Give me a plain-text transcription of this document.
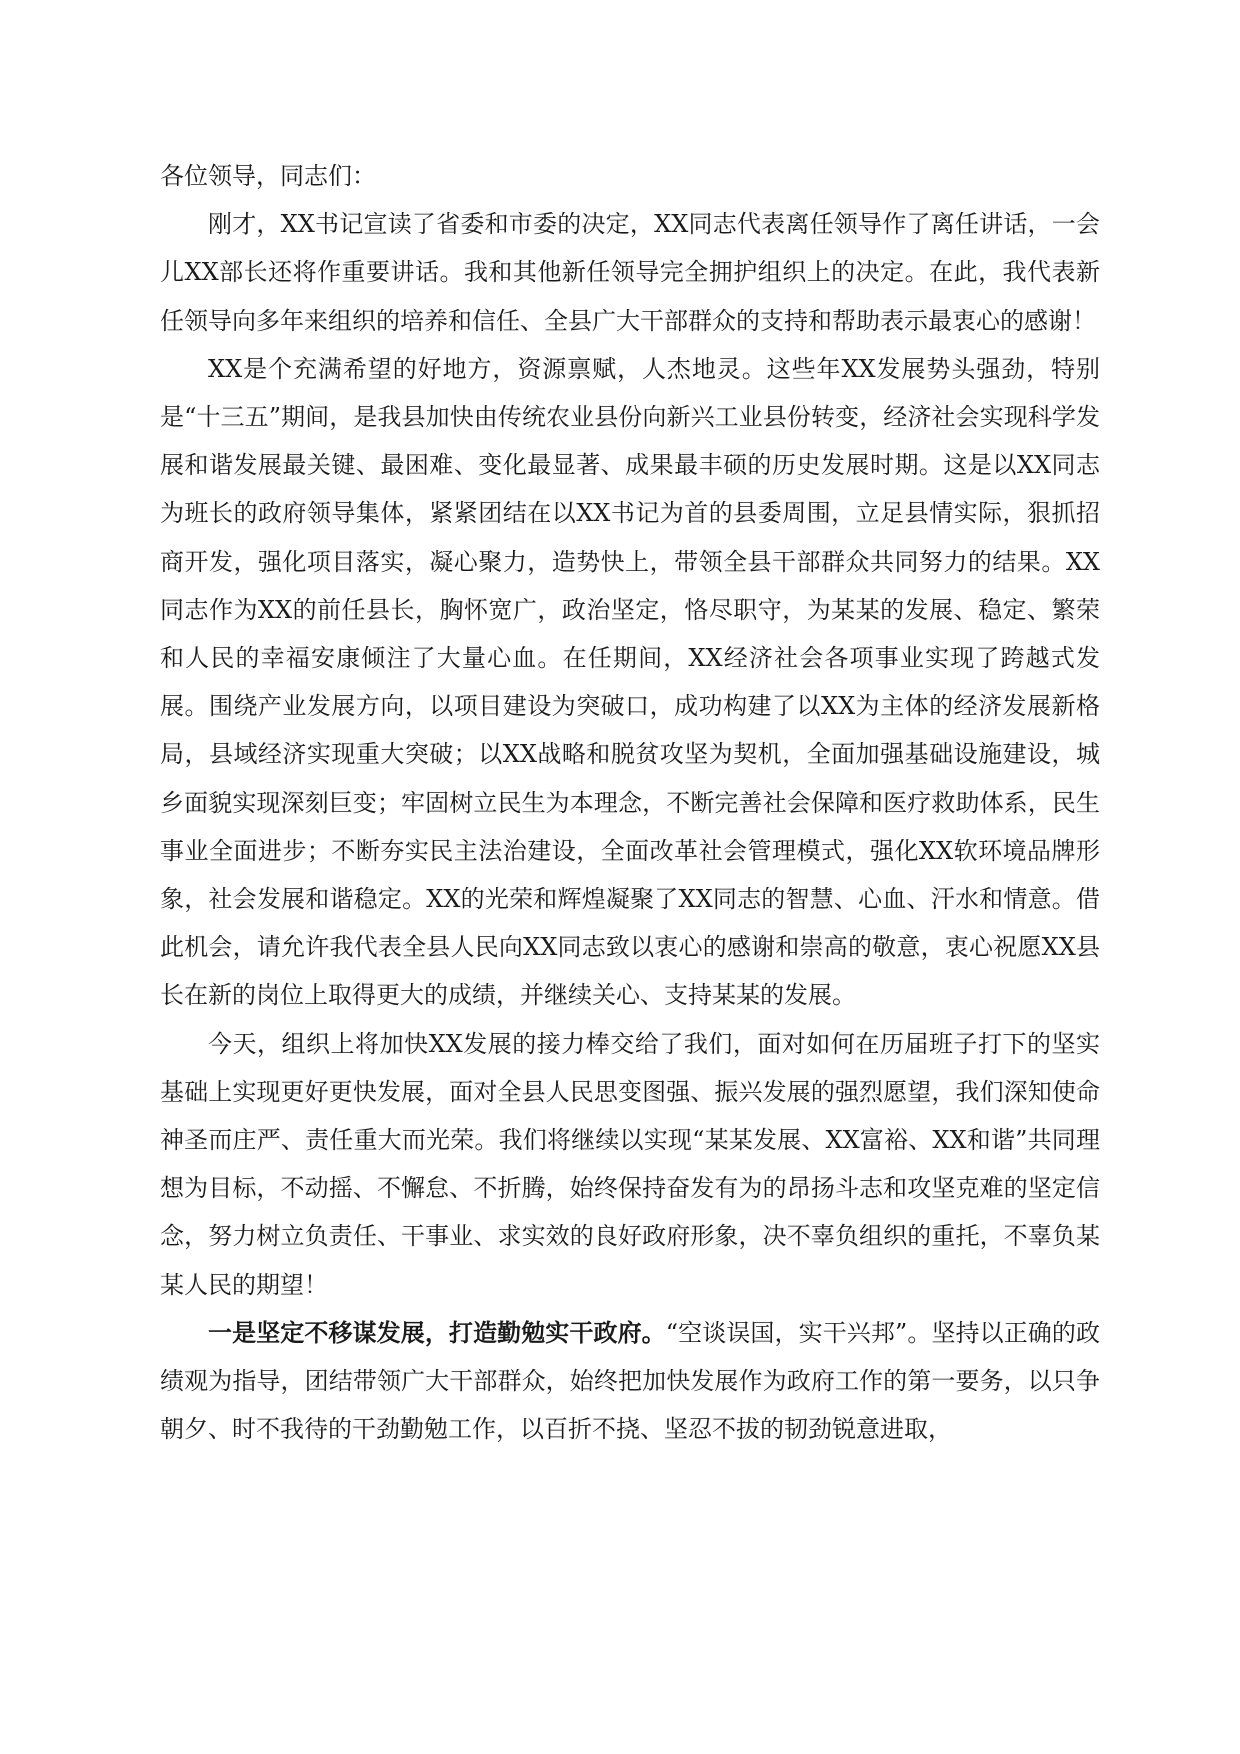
各位领导，同志们：

刚才，XX书记宣读了省委和市委的决定，XX同志代表离任领导作了离任讲话，一会儿XX部长还将作重要讲话。我和其他新任领导完全拥护组织上的决定。在此，我代表新任领导向多年来组织的培养和信任、全县广大干部群众的支持和帮助表示最衷心的感谢！

XX是个充满希望的好地方，资源禀赋，人杰地灵。这些年XX发展势头强劲，特别是“十三五”期间，是我县加快由传统农业县份向新兴工业县份转变，经济社会实现科学发展和谐发展最关键、最困难、变化最显著、成果最丰硕的历史发展时期。这是以XX同志为班长的政府领导集体，紧紧团结在以XX书记为首的县委周围，立足县情实际，狠抓招商开发，强化项目落实，凝心聚力，造势快上，带领全县干部群众共同努力的结果。XX同志作为XX的前任县长，胸怀宽广，政治坚定，恪尽职守，为某某的发展、稳定、繁荣和人民的幸福安康倾注了大量心血。在任期间，XX经济社会各项事业实现了跨越式发展。围绕产业发展方向，以项目建设为突破口，成功构建了以XX为主体的经济发展新格局，县域经济实现重大突破；以XX战略和脱贫攻坚为契机，全面加强基础设施建设，城乡面貌实现深刻巨变；牢固树立民生为本理念，不断完善社会保障和医疗救助体系，民生事业全面进步；不断夯实民主法治建设，全面改革社会管理模式，强化XX软环境品牌形象，社会发展和谐稳定。XX的光荣和辉煌凝聚了XX同志的智慧、心血、汗水和情意。借此机会，请允许我代表全县人民向XX同志致以衷心的感谢和崇高的敬意，衷心祝愿XX县长在新的岗位上取得更大的成绩，并继续关心、支持某某的发展。

今天，组织上将加快XX发展的接力棒交给了我们，面对如何在历届班子打下的坚实基础上实现更好更快发展，面对全县人民思变图强、振兴发展的强烈愿望，我们深知使命神圣而庄严、责任重大而光荣。我们将继续以实现“某某发展、XX富裕、XX和谐”共同理想为目标，不动摇、不懈怠、不折腾，始终保持奋发有为的昂扬斗志和攻坚克难的坚定信念，努力树立负责任、干事业、求实效的良好政府形象，决不辜负组织的重托，不辜负某某人民的期望！

一是坚定不移谋发展，打造勤勉实干政府。“空谈误国，实干兴邦”。坚持以正确的政绩观为指导，团结带领广大干部群众，始终把加快发展作为政府工作的第一要务，以只争朝夕、时不我待的干劲勤勉工作，以百折不挠、坚忍不拔的韧劲锐意进取，
